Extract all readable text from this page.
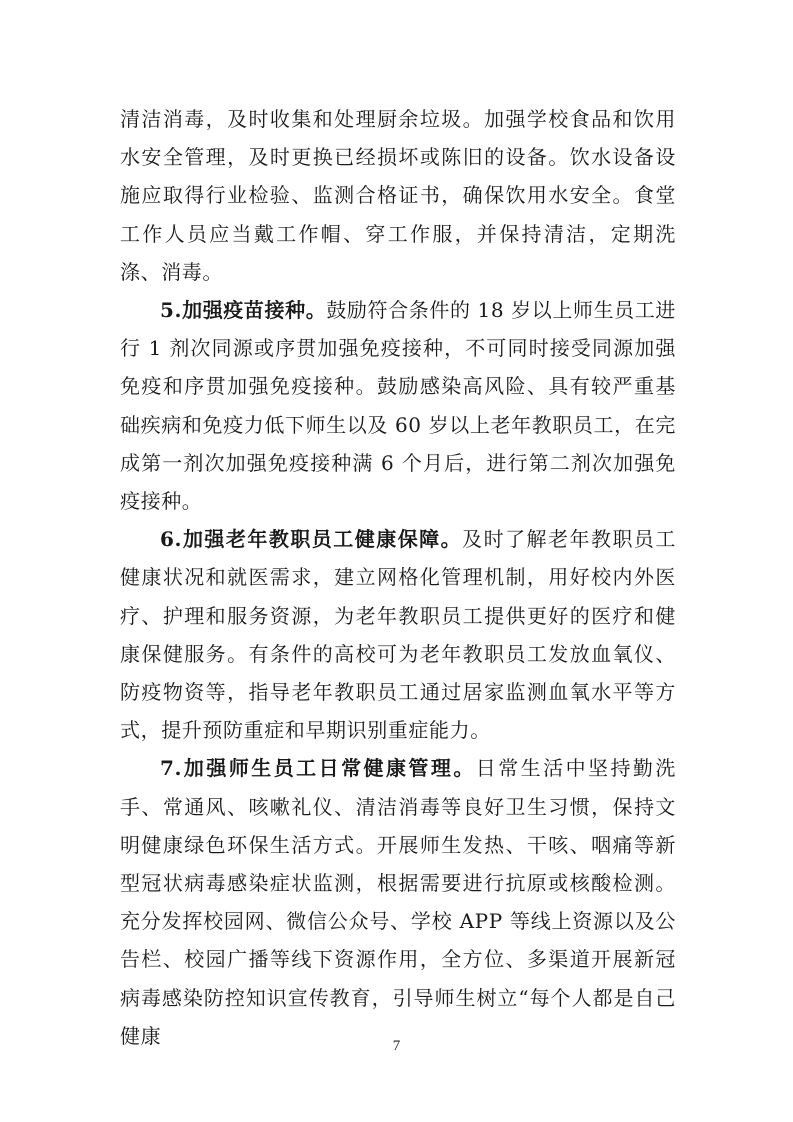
清洁消毒，及时收集和处理厨余垃圾。加强学校食品和饮用水安全管理，及时更换已经损坏或陈旧的设备。饮水设备设施应取得行业检验、监测合格证书，确保饮用水安全。食堂工作人员应当戴工作帽、穿工作服，并保持清洁，定期洗涤、消毒。

5.加强疫苗接种。鼓励符合条件的 18 岁以上师生员工进行 1 剂次同源或序贯加强免疫接种，不可同时接受同源加强免疫和序贯加强免疫接种。鼓励感染高风险、具有较严重基础疾病和免疫力低下师生以及 60 岁以上老年教职员工，在完成第一剂次加强免疫接种满 6 个月后，进行第二剂次加强免疫接种。

6.加强老年教职员工健康保障。及时了解老年教职员工健康状况和就医需求，建立网格化管理机制，用好校内外医疗、护理和服务资源，为老年教职员工提供更好的医疗和健康保健服务。有条件的高校可为老年教职员工发放血氧仪、防疫物资等，指导老年教职员工通过居家监测血氧水平等方式，提升预防重症和早期识别重症能力。

7.加强师生员工日常健康管理。日常生活中坚持勤洗手、常通风、咳嗽礼仪、清洁消毒等良好卫生习惯，保持文明健康绿色环保生活方式。开展师生发热、干咳、咽痛等新型冠状病毒感染症状监测，根据需要进行抗原或核酸检测。充分发挥校园网、微信公众号、学校 APP 等线上资源以及公告栏、校园广播等线下资源作用，全方位、多渠道开展新冠病毒感染防控知识宣传教育，引导师生树立“每个人都是自己健康	7
